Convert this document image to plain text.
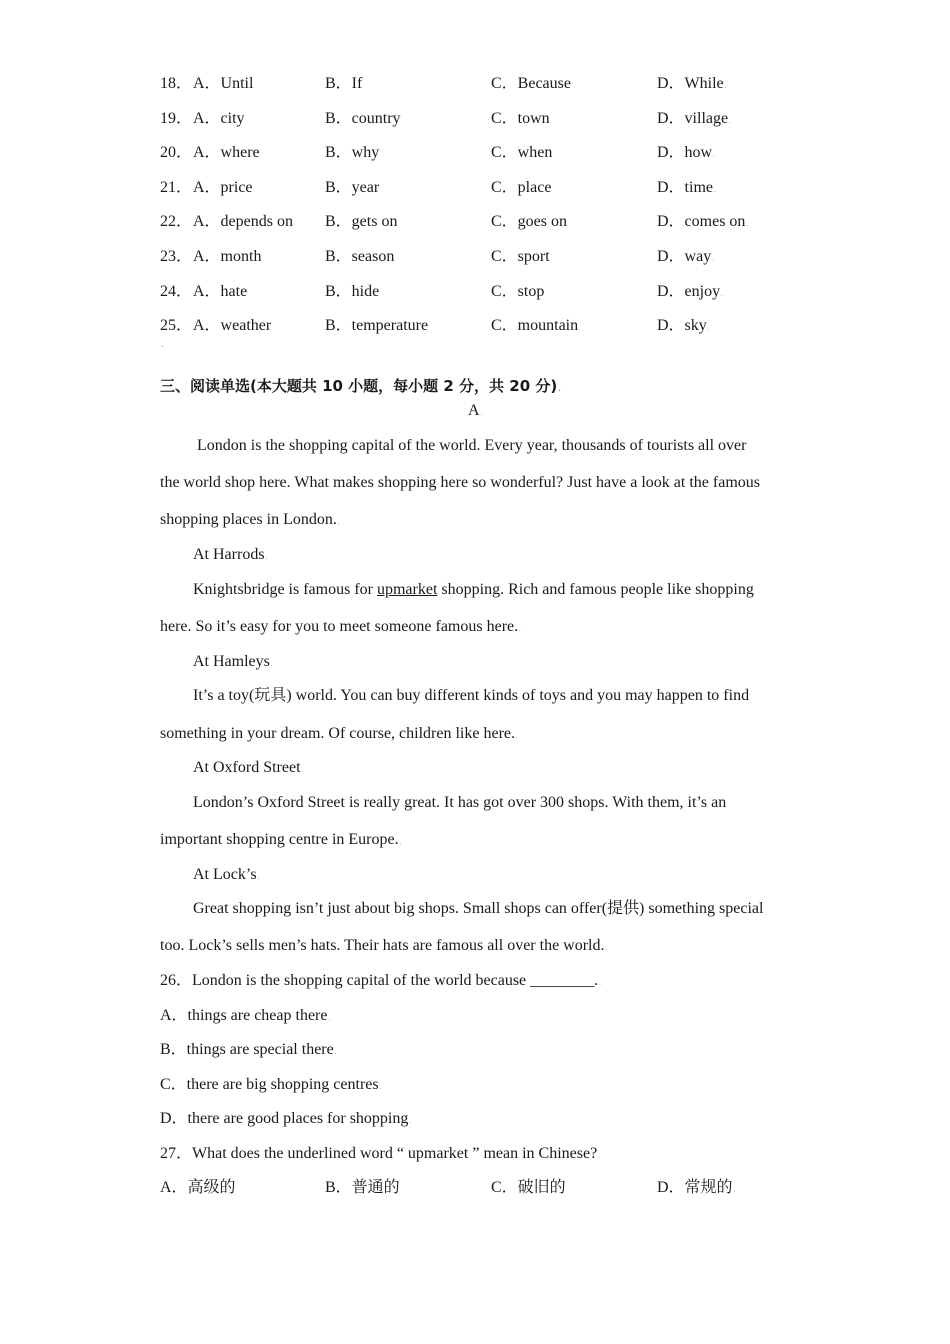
18． A．Until	B．If	C．Because	D．While .
19． A．city	B．country	C．town	D．village .
20． A．where	B．why	C．when	D．how .
21． A．price	B．year	C．place	D．time .
22． A．depends on B．gets on	C．goes on	D．comes on .
23． A．month	B．season	C．sport	D．way .
24． A．hate	B．hide	C．stop	D．enjoy .
25． A．weather	B．temperature	C．mountain	D．sky .
`
三、阅读单选(本大题共 10 小题，每小题 2 分，共 20 分) .
A .
London is the shopping capital of the world. Every year, thousands of tourists all over
the world shop here. What makes shopping here so wonderful? Just have a look at the famous
shopping places in London. .
At Harrods .
Knightsbridge is famous for upmarket shopping. Rich and famous people like shopping
here. So it’s easy for you to meet someone famous here. .
At Hamleys .
It’s a toy(玩具) world. You can buy different kinds of toys and you may happen to find
something in your dream. Of course, children like here. .
At Oxford Street .
London’s Oxford Street is really great. It has got over 300 shops. With them, it’s an
important shopping centre in Europe. .
At Lock’s .
Great shopping isn’t just about big shops. Small shops can offer(提供) something special
too. Lock’s sells men’s hats. Their hats are famous all over the world. .
26．London is the shopping capital of the world because ________. .
A．things are cheap there .
B．things are special there .
C．there are big shopping centres .
D．there are good places for shopping .
27．What does the underlined word “ upmarket ” mean in Chinese? .
A．高级的	B．普通的	C．破旧的	D．常规的 .
